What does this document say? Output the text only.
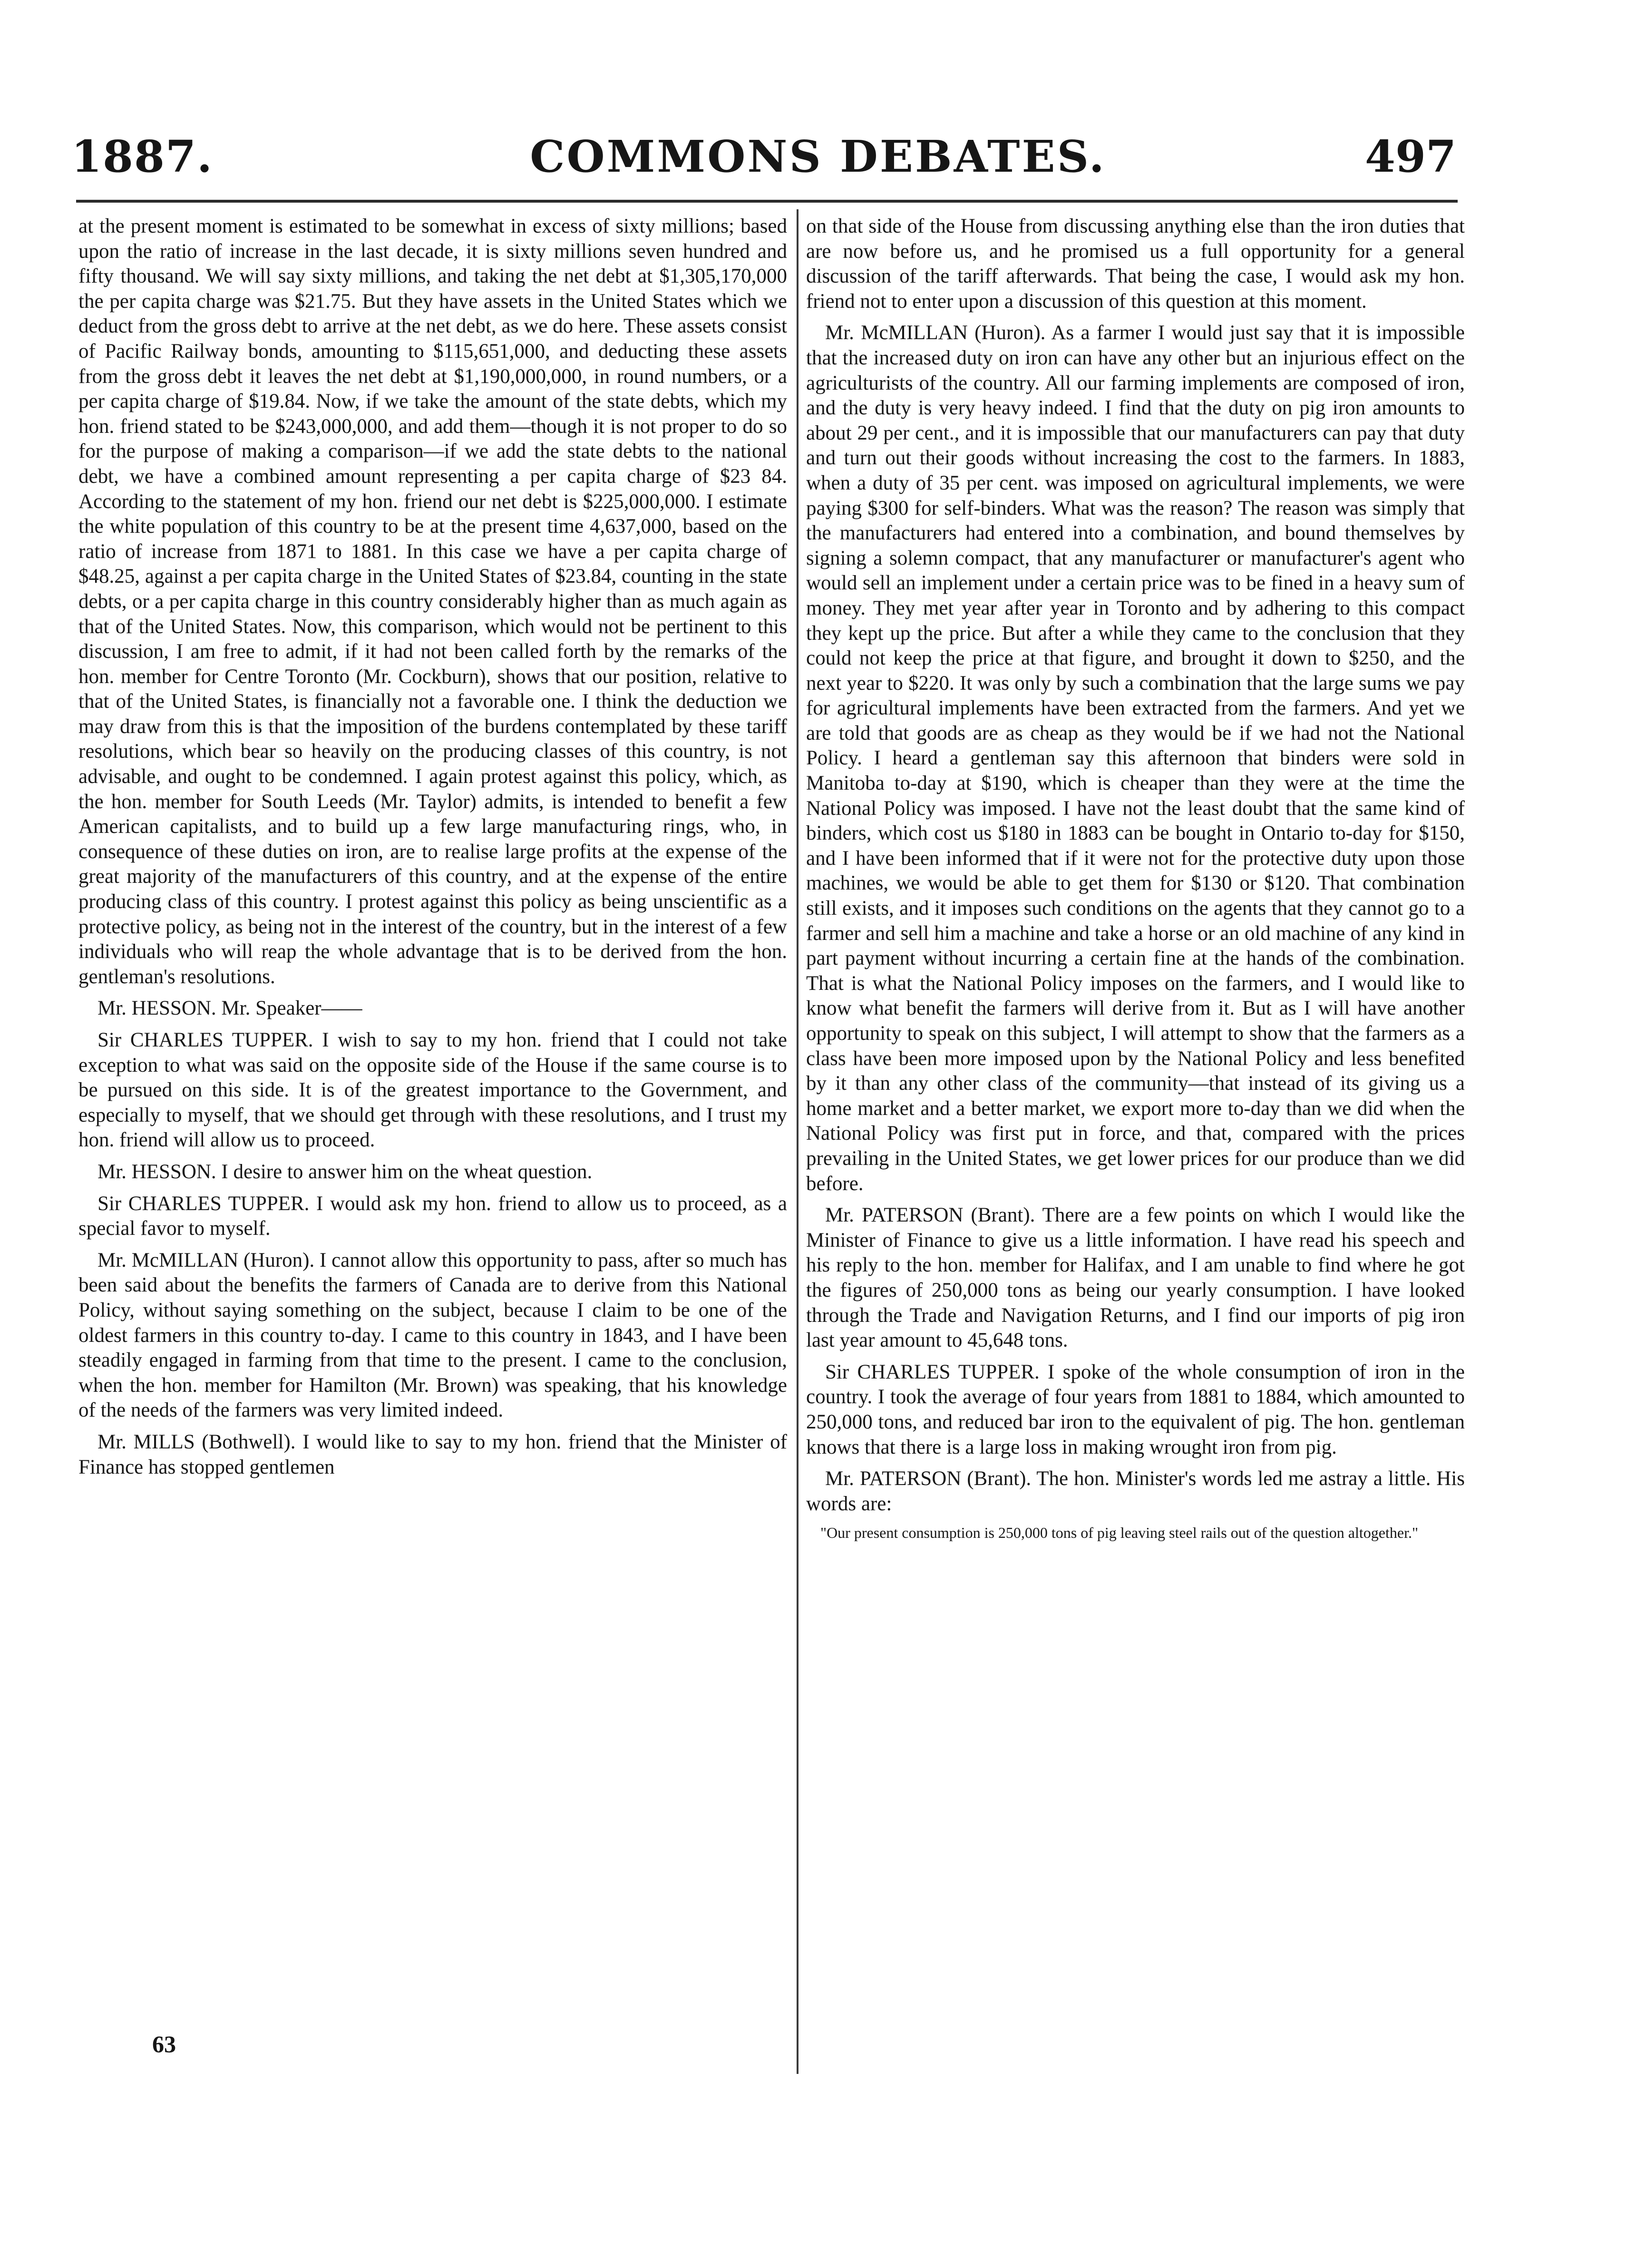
1887.	COMMONS DEBATES.	497

at the present moment is estimated to be somewhat in excess of sixty millions; based upon the ratio of increase in the last decade, it is sixty millions seven hundred and fifty thousand. We will say sixty millions, and taking the net debt at $1,305,170,000 the per capita charge was $21.75. But they have assets in the United States which we deduct from the gross debt to arrive at the net debt, as we do here. These assets consist of Pacific Railway bonds, amounting to $115,651,000, and deducting these assets from the gross debt it leaves the net debt at $1,190,000,000, in round numbers, or a per capita charge of $19.84. Now, if we take the amount of the state debts, which my hon. friend stated to be $243,000,000, and add them—though it is not proper to do so for the purpose of making a comparison—if we add the state debts to the national debt, we have a combined amount representing a per capita charge of $23 84. According to the statement of my hon. friend our net debt is $225,000,000. I estimate the white population of this country to be at the present time 4,637,000, based on the ratio of increase from 1871 to 1881. In this case we have a per capita charge of $48.25, against a per capita charge in the United States of $23.84, counting in the state debts, or a per capita charge in this country considerably higher than as much again as that of the United States. Now, this comparison, which would not be pertinent to this discussion, I am free to admit, if it had not been called forth by the remarks of the hon. member for Centre Toronto (Mr. Cockburn), shows that our position, relative to that of the United States, is financially not a favorable one. I think the deduction we may draw from this is that the imposition of the burdens contemplated by these tariff resolutions, which bear so heavily on the producing classes of this country, is not advisable, and ought to be condemned. I again protest against this policy, which, as the hon. member for South Leeds (Mr. Taylor) admits, is intended to benefit a few American capitalists, and to build up a few large manufacturing rings, who, in consequence of these duties on iron, are to realise large profits at the expense of the great majority of the manufacturers of this country, and at the expense of the entire producing class of this country. I protest against this policy as being unscientific as a protective policy, as being not in the interest of the country, but in the interest of a few individuals who will reap the whole advantage that is to be derived from the hon. gentleman's resolutions.

Mr. HESSON. Mr. Speaker——

Sir CHARLES TUPPER. I wish to say to my hon. friend that I could not take exception to what was said on the opposite side of the House if the same course is to be pursued on this side. It is of the greatest importance to the Government, and especially to myself, that we should get through with these resolutions, and I trust my hon. friend will allow us to proceed.

Mr. HESSON. I desire to answer him on the wheat question.

Sir CHARLES TUPPER. I would ask my hon. friend to allow us to proceed, as a special favor to myself.

Mr. McMILLAN (Huron). I cannot allow this opportunity to pass, after so much has been said about the benefits the farmers of Canada are to derive from this National Policy, without saying something on the subject, because I claim to be one of the oldest farmers in this country to-day. I came to this country in 1843, and I have been steadily engaged in farming from that time to the present. I came to the conclusion, when the hon. member for Hamilton (Mr. Brown) was speaking, that his knowledge of the needs of the farmers was very limited indeed.

Mr. MILLS (Bothwell). I would like to say to my hon. friend that the Minister of Finance has stopped gentlemen

63

on that side of the House from discussing anything else than the iron duties that are now before us, and he promised us a full opportunity for a general discussion of the tariff afterwards. That being the case, I would ask my hon. friend not to enter upon a discussion of this question at this moment.

Mr. McMILLAN (Huron). As a farmer I would just say that it is impossible that the increased duty on iron can have any other but an injurious effect on the agriculturists of the country. All our farming implements are composed of iron, and the duty is very heavy indeed. I find that the duty on pig iron amounts to about 29 per cent., and it is impossible that our manufacturers can pay that duty and turn out their goods without increasing the cost to the farmers. In 1883, when a duty of 35 per cent. was imposed on agricultural implements, we were paying $300 for self-binders. What was the reason? The reason was simply that the manufacturers had entered into a combination, and bound themselves by signing a solemn compact, that any manufacturer or manufacturer's agent who would sell an implement under a certain price was to be fined in a heavy sum of money. They met year after year in Toronto and by adhering to this compact they kept up the price. But after a while they came to the conclusion that they could not keep the price at that figure, and brought it down to $250, and the next year to $220. It was only by such a combination that the large sums we pay for agricultural implements have been extracted from the farmers. And yet we are told that goods are as cheap as they would be if we had not the National Policy. I heard a gentleman say this afternoon that binders were sold in Manitoba to-day at $190, which is cheaper than they were at the time the National Policy was imposed. I have not the least doubt that the same kind of binders, which cost us $180 in 1883 can be bought in Ontario to-day for $150, and I have been informed that if it were not for the protective duty upon those machines, we would be able to get them for $130 or $120. That combination still exists, and it imposes such conditions on the agents that they cannot go to a farmer and sell him a machine and take a horse or an old machine of any kind in part payment without incurring a certain fine at the hands of the combination. That is what the National Policy imposes on the farmers, and I would like to know what benefit the farmers will derive from it. But as I will have another opportunity to speak on this subject, I will attempt to show that the farmers as a class have been more imposed upon by the National Policy and less benefited by it than any other class of the community—that instead of its giving us a home market and a better market, we export more to-day than we did when the National Policy was first put in force, and that, compared with the prices prevailing in the United States, we get lower prices for our produce than we did before.

Mr. PATERSON (Brant). There are a few points on which I would like the Minister of Finance to give us a little information. I have read his speech and his reply to the hon. member for Halifax, and I am unable to find where he got the figures of 250,000 tons as being our yearly consumption. I have looked through the Trade and Navigation Returns, and I find our imports of pig iron last year amount to 45,648 tons.

Sir CHARLES TUPPER. I spoke of the whole consumption of iron in the country. I took the average of four years from 1881 to 1884, which amounted to 250,000 tons, and reduced bar iron to the equivalent of pig. The hon. gentleman knows that there is a large loss in making wrought iron from pig.

Mr. PATERSON (Brant). The hon. Minister's words led me astray a little. His words are:

"Our present consumption is 250,000 tons of pig leaving steel rails out of the question altogether."
